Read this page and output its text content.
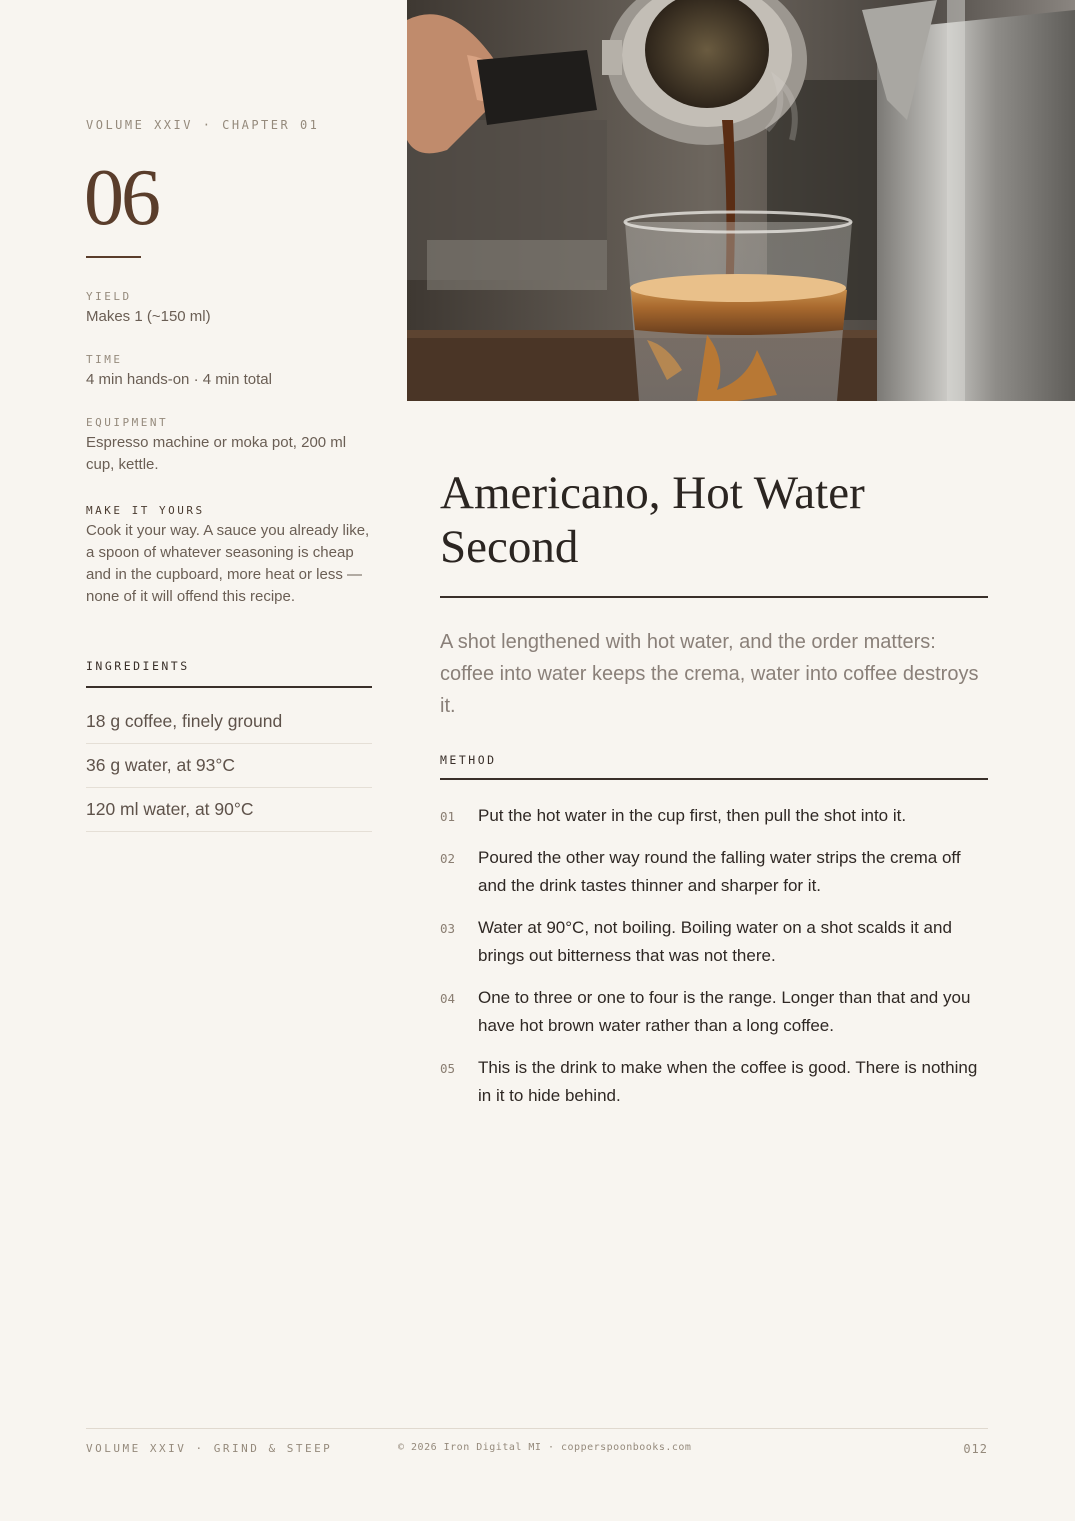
VOLUME XXIV · CHAPTER 01
06
YIELD
Makes 1 (~150 ml)
TIME
4 min hands-on · 4 min total
EQUIPMENT
Espresso machine or moka pot, 200 ml cup, kettle.
MAKE IT YOURS
Cook it your way. A sauce you already like, a spoon of whatever seasoning is cheap and in the cupboard, more heat or less — none of it will offend this recipe.
INGREDIENTS
18 g coffee, finely ground
36 g water, at 93°C
120 ml water, at 90°C
Americano, Hot Water Second

A shot lengthened with hot water, and the order matters: coffee into water keeps the crema, water into coffee destroys it.

METHOD
01	Put the hot water in the cup first, then pull the shot into it.
02	Poured the other way round the falling water strips the crema off and the drink tastes thinner and sharper for it.
03	Water at 90°C, not boiling. Boiling water on a shot scalds it and brings out bitterness that was not there.
04	One to three or one to four is the range. Longer than that and you have hot brown water rather than a long coffee.
05	This is the drink to make when the coffee is good. There is nothing in it to hide behind.
VOLUME XXIV · GRIND & STEEP	© 2026 Iron Digital MI · copperspoonbooks.com	012
